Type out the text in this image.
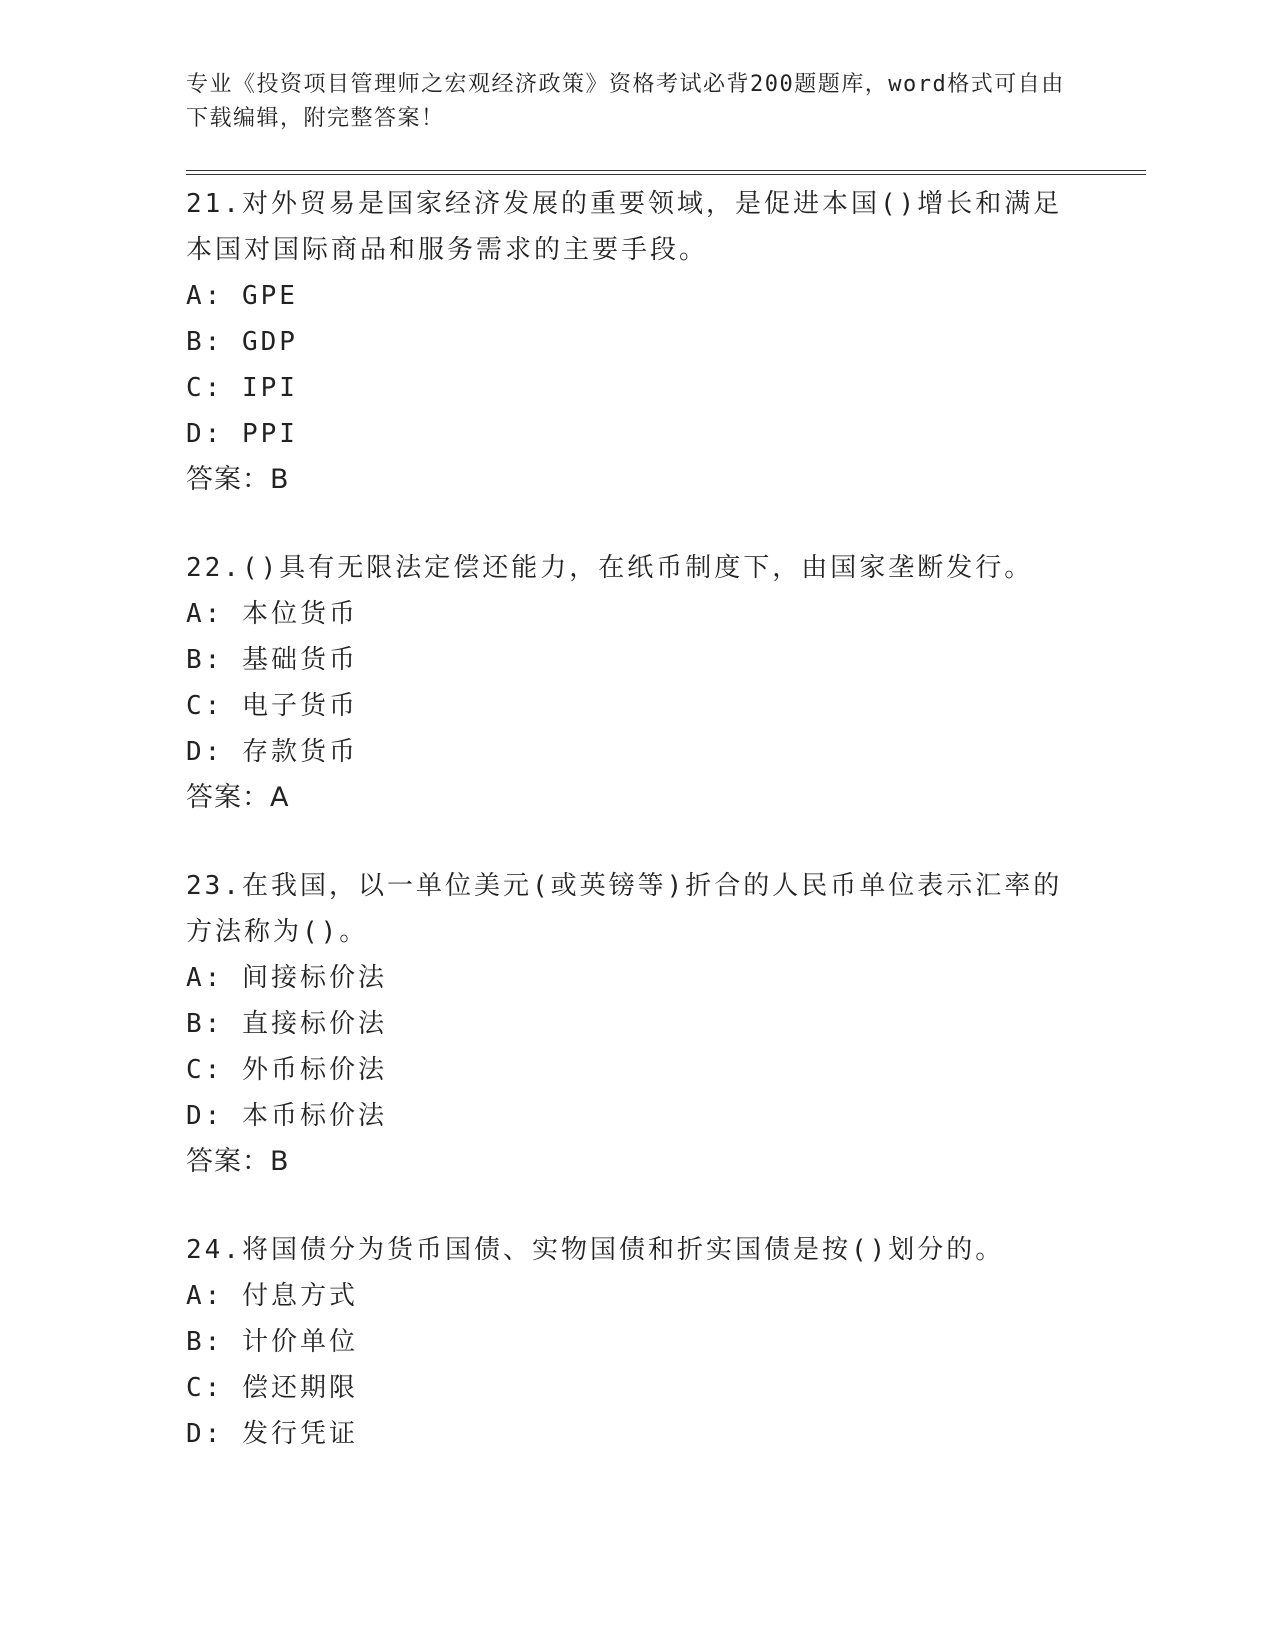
专业《投资项目管理师之宏观经济政策》资格考试必背200题题库，word格式可自由下载编辑，附完整答案！

21.对外贸易是国家经济发展的重要领域，是促进本国()增长和满足本国对国际商品和服务需求的主要手段。

A: GPE

B: GDP

C: IPI

D: PPI

答案：B

22.()具有无限法定偿还能力，在纸币制度下，由国家垄断发行。

A: 本位货币

B: 基础货币

C: 电子货币

D: 存款货币

答案：A

23.在我国，以一单位美元(或英镑等)折合的人民币单位表示汇率的方法称为()。

A: 间接标价法

B: 直接标价法

C: 外币标价法

D: 本币标价法

答案：B

24.将国债分为货币国债、实物国债和折实国债是按()划分的。

A: 付息方式

B: 计价单位

C: 偿还期限

D: 发行凭证
